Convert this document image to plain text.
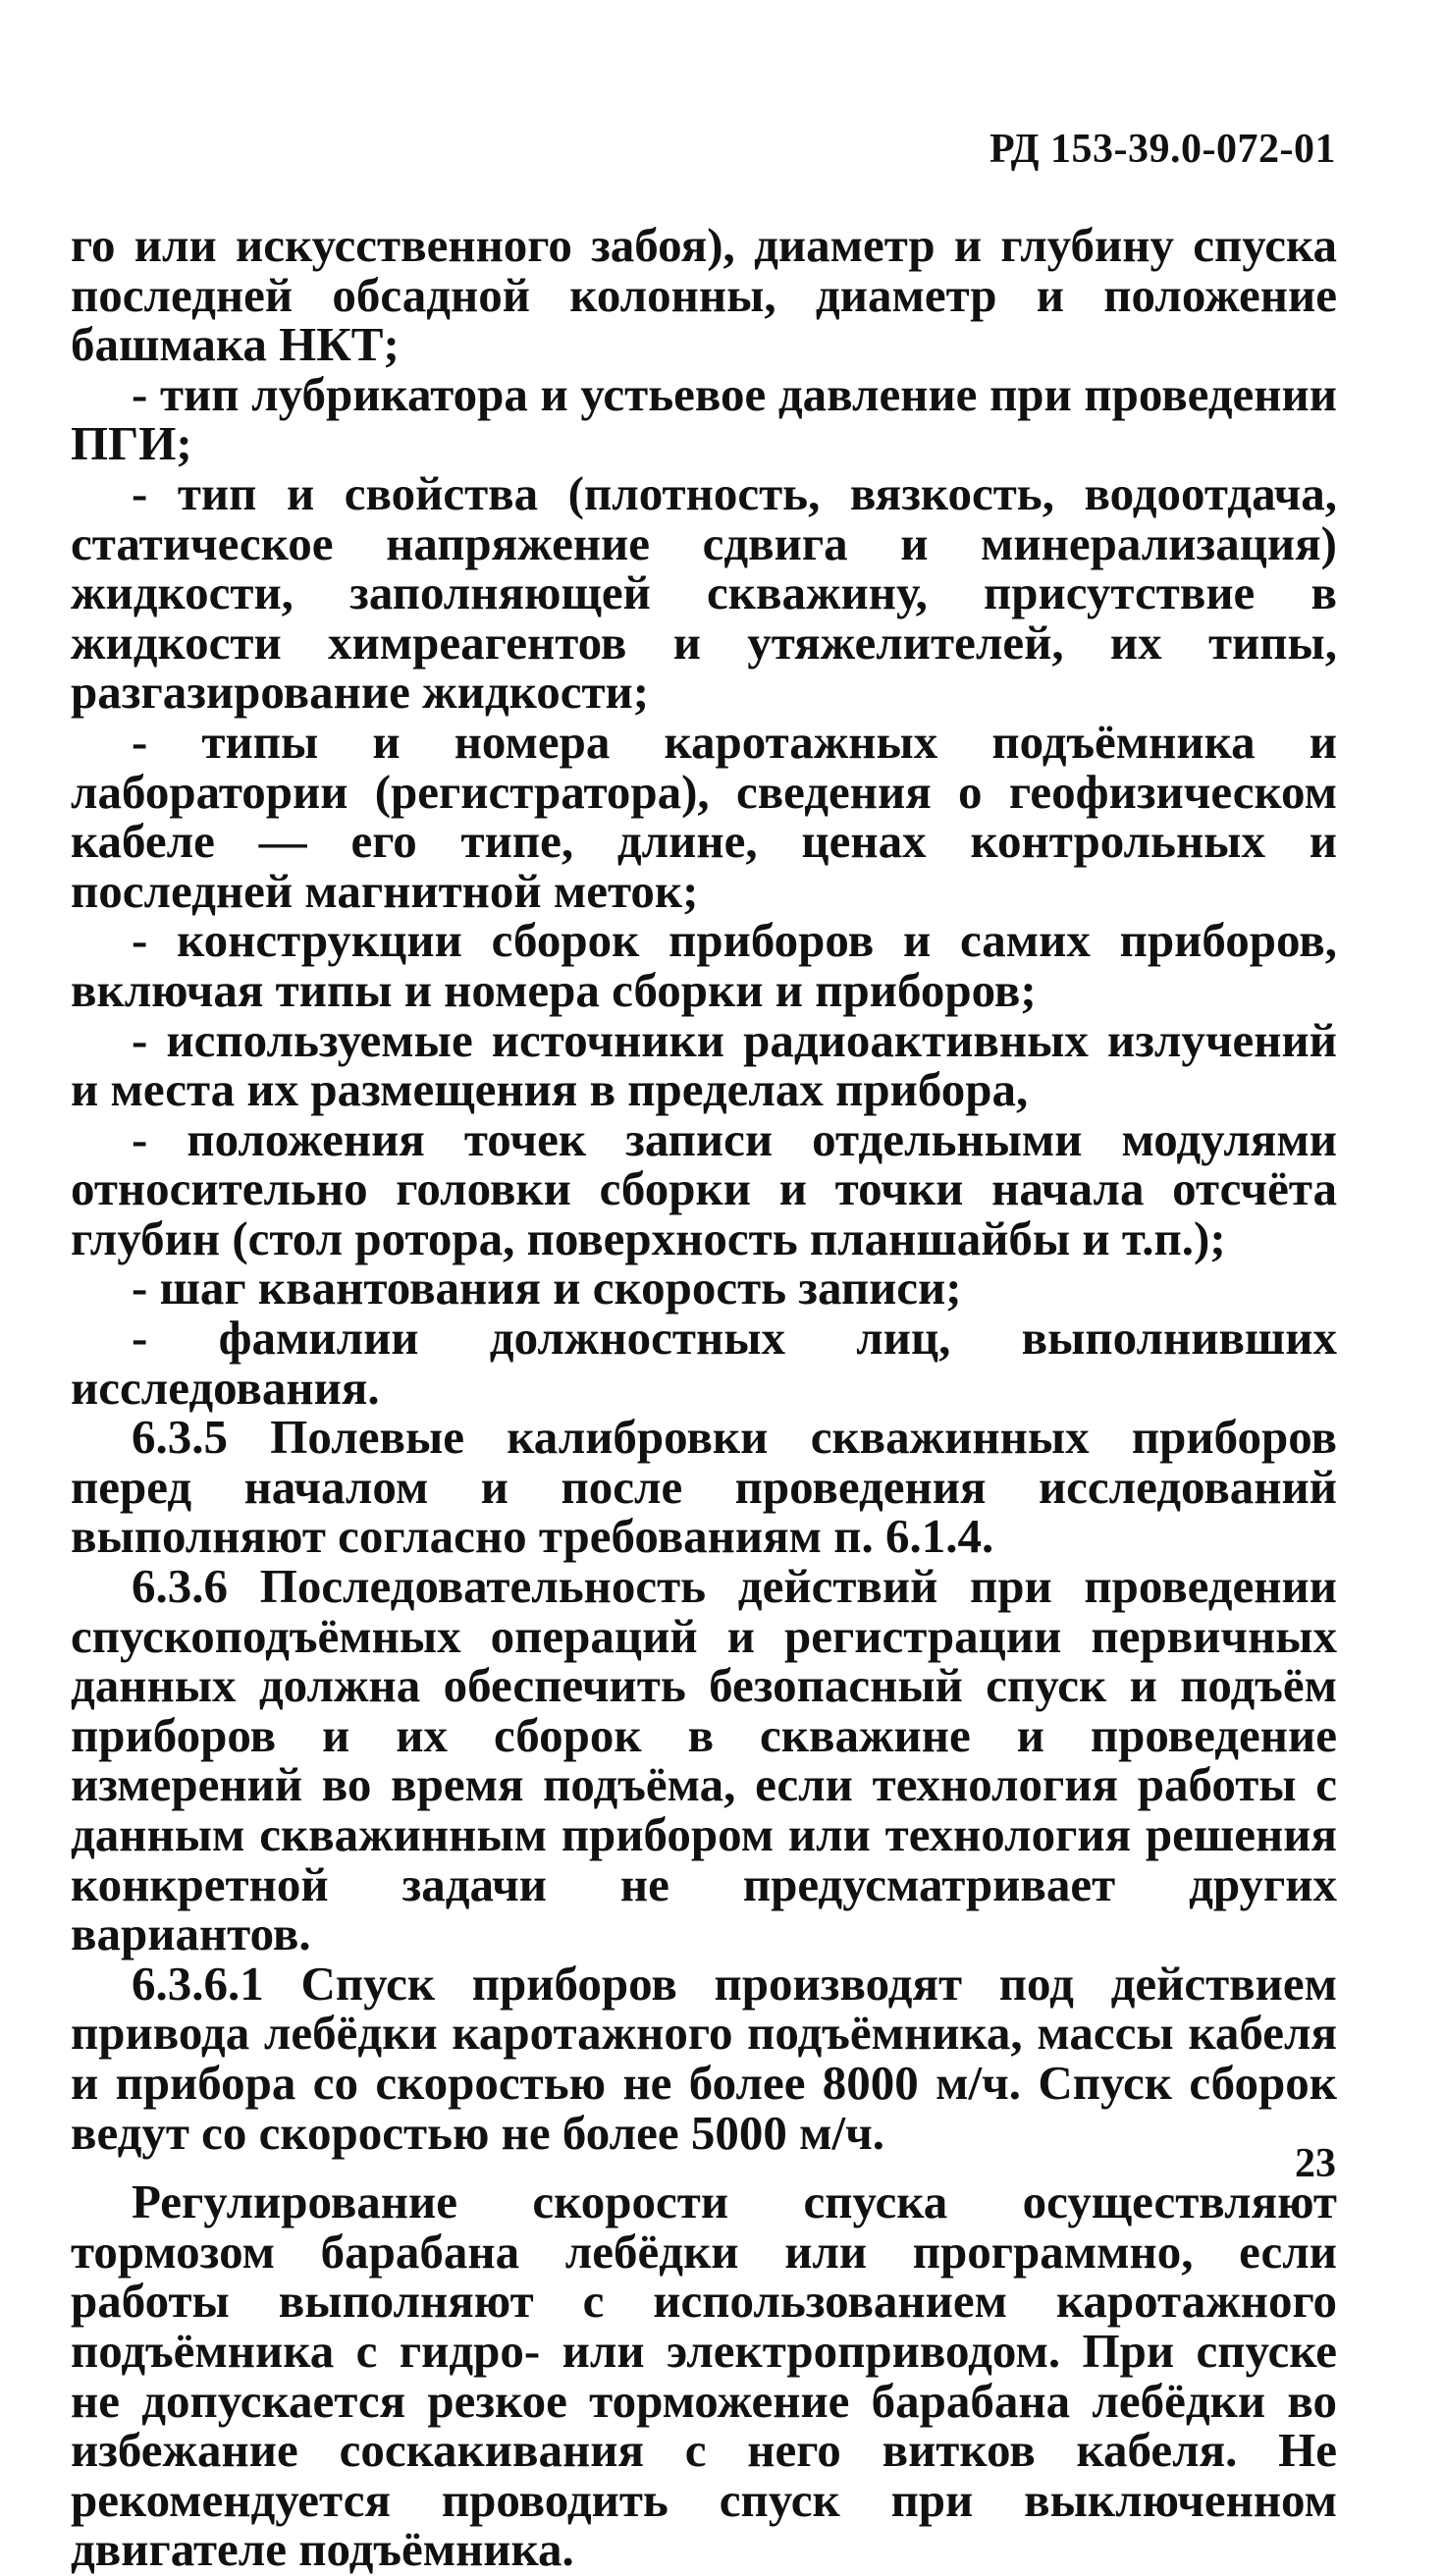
РД 153-39.0-072-01

го или искусственного забоя), диаметр и глубину спуска последней обсадной колонны, диаметр и положение башмака НКТ;

- тип лубрикатора и устьевое давление при проведении ПГИ;

- тип и свойства (плотность, вязкость, водоотдача, статическое напряжение сдвига и минерализация) жидкости, заполняющей скважину, присутствие в жидкости химреагентов и утяжелителей, их типы, разгазирование жидкости;

- типы и номера каротажных подъёмника и лаборатории (регистратора), сведения о геофизическом кабеле — его типе, длине, ценах контрольных и последней магнитной меток;

- конструкции сборок приборов и самих приборов, включая типы и номера сборки и приборов;

- используемые источники радиоактивных излучений и места их размещения в пределах прибора,

- положения точек записи отдельными модулями относительно головки сборки и точки начала отсчёта глубин (стол ротора, поверхность планшайбы и т.п.);

- шаг квантования и скорость записи;

- фамилии должностных лиц, выполнивших исследования.

6.3.5 Полевые калибровки скважинных приборов перед началом и после проведения исследований выполняют согласно требованиям п. 6.1.4.

6.3.6 Последовательность действий при проведении спускоподъёмных операций и регистрации первичных данных должна обеспечить безопасный спуск и подъём приборов и их сборок в скважине и проведение измерений во время подъёма, если технология работы с данным скважинным прибором или технология решения конкретной задачи не предусматривает других вариантов.

6.3.6.1 Спуск приборов производят под действием привода лебёдки каротажного подъёмника, массы кабеля и прибора со скоростью не более 8000 м/ч. Спуск сборок ведут со скоростью не более 5000 м/ч.

Регулирование скорости спуска осуществляют тормозом барабана лебёдки или программно, если работы выполняют с использованием каротажного подъёмника с гидро- или электроприводом. При спуске не допускается резкое торможение барабана лебёдки во избежание соскакивания с него витков кабеля. Не рекомендуется проводить спуск при выключенном двигателе подъёмника.

23
